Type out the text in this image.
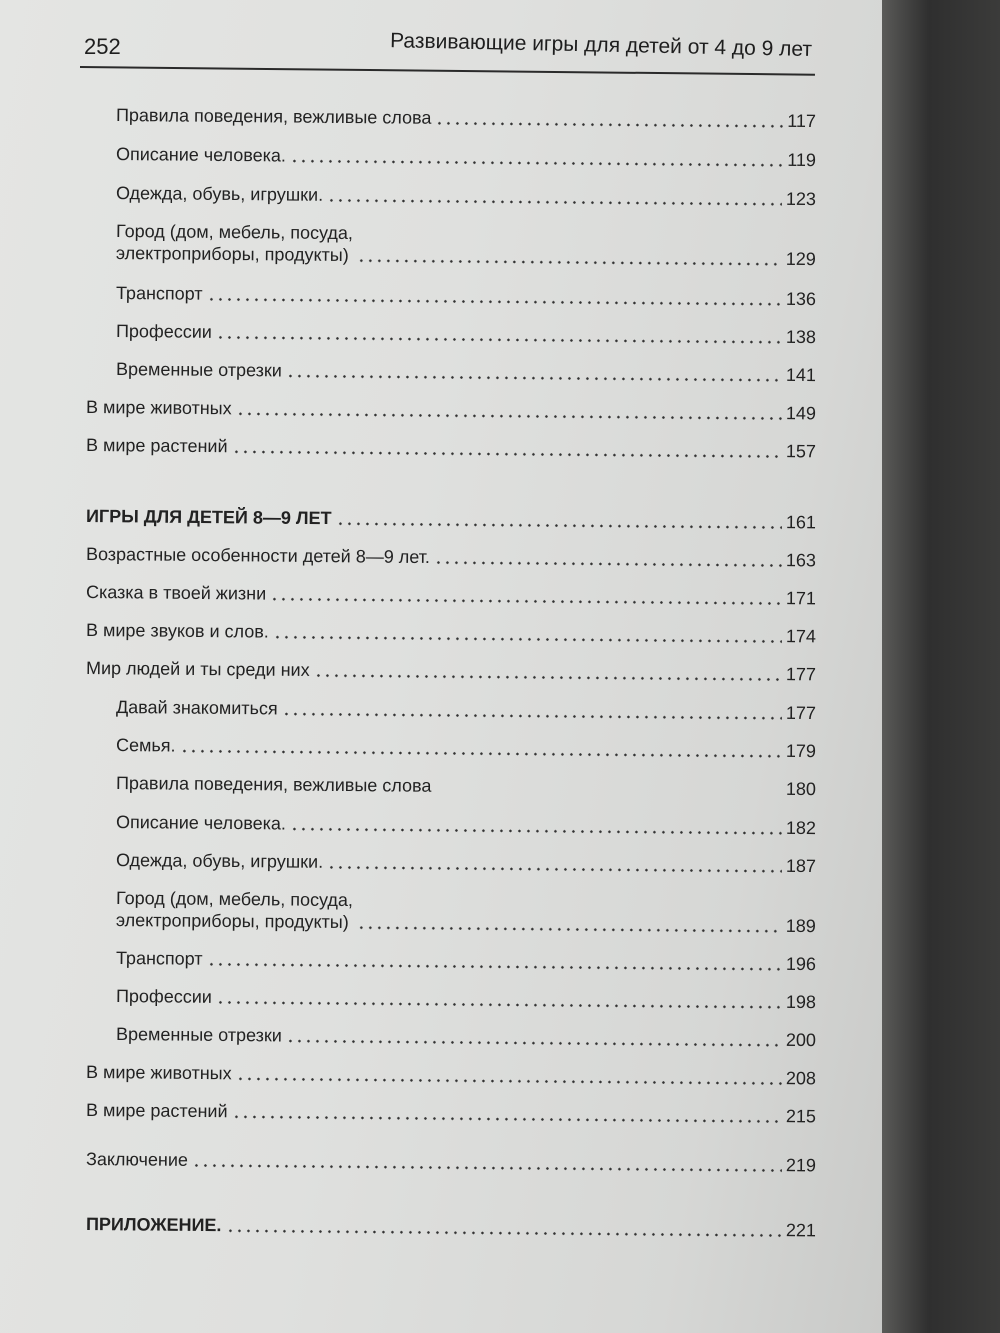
252	Развивающие игры для детей от 4 до 9 лет
Правила поведения, вежливые слова	117
Описание человека.	119
Одежда, обувь, игрушки.	123
Город (дом, мебель, посуда,
электроприборы, продукты)	129
Транспорт	136
Профессии	138
Временные отрезки	141
В мире животных	149
В мире растений	157
ИГРЫ ДЛЯ ДЕТЕЙ 8—9 ЛЕТ	161
Возрастные особенности детей 8—9 лет.	163
Сказка в твоей жизни	171
В мире звуков и слов.	174
Мир людей и ты среди них	177
Давай знакомиться	177
Семья.	179
Правила поведения, вежливые слова	180
Описание человека.	182
Одежда, обувь, игрушки.	187
Город (дом, мебель, посуда,
электроприборы, продукты)	189
Транспорт	196
Профессии	198
Временные отрезки	200
В мире животных	208
В мире растений	215
Заключение	219
ПРИЛОЖЕНИЕ.	221
